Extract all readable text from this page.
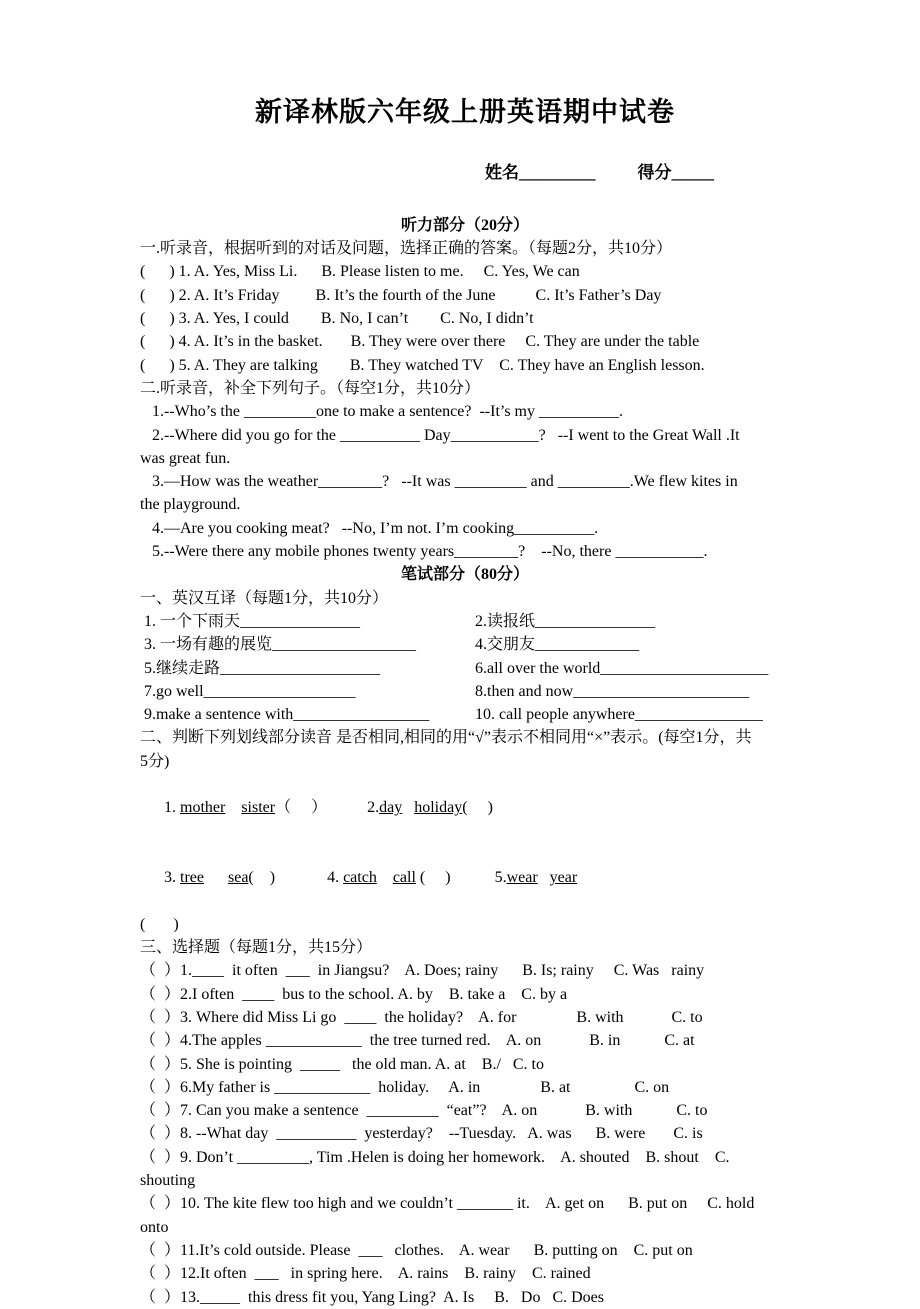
新译林版六年级上册英语期中试卷

姓名_________ 得分_____

听力部分（20分）
一.听录音，根据听到的对话及问题，选择正确的答案。（每题2分，共10分）
(      ) 1. A. Yes, Miss Li.      B. Please listen to me.     C. Yes, We can
(      ) 2. A. It’s Friday         B. It’s the fourth of the June          C. It’s Father’s Day
(      ) 3. A. Yes, I could        B. No, I can’t        C. No, I didn’t
(      ) 4. A. It’s in the basket.       B. They were over there     C. They are under the table
(      ) 5. A. They are talking        B. They watched TV    C. They have an English lesson.
二.听录音，补全下列句子。（每空1分，共10分）
1.--Who’s the _________one to make a sentence?  --It’s my __________.
2.--Where did you go for the __________ Day___________?   --I went to the Great Wall .It
was great fun.
3.—How was the weather________?   --It was _________ and _________.We flew kites in
the playground.
4.—Are you cooking meat?   --No, I’m not. I’m cooking__________.
5.--Were there any mobile phones twenty years________?    --No, there ___________.
笔试部分（80分）
一、英汉互译（每题1分，共10分）
1. 一个下雨天_______________	2.读报纸_______________
3. 一场有趣的展览__________________	4.交朋友_____________
5.继续走路____________________	6.all over the world_____________________
7.go well___________________	8.then and now______________________
9.make a sentence with_________________	10. call people anywhere________________
二、判断下列划线部分读音 是否相同,相同的用“√”表示不相同用“×”表示。(每空1分，共
5分)

1. mother sister（     ）          2.day holiday(     )

3. tree sea(    )             4. catch call (     )           5.wear year

(       )
三、选择题（每题1分，共15分）
（  ）1.____  it often  ___  in Jiangsu?    A. Does; rainy      B. Is; rainy     C. Was   rainy
（  ）2.I often  ____  bus to the school. A. by    B. take a    C. by a
（  ）3. Where did Miss Li go  ____  the holiday?    A. for               B. with            C. to
（  ）4.The apples ____________  the tree turned red.    A. on            B. in           C. at
（  ）5. She is pointing  _____   the old man. A. at    B./   C. to
（  ）6.My father is ____________  holiday.     A. in               B. at                C. on
（  ）7. Can you make a sentence  _________  “eat”?    A. on            B. with           C. to
（  ）8. --What day  __________  yesterday?    --Tuesday.   A. was      B. were       C. is
（  ）9. Don’t _________, Tim .Helen is doing her homework.    A. shouted    B. shout    C.
shouting
（  ）10. The kite flew too high and we couldn’t _______ it.    A. get on      B. put on     C. hold
onto
（  ）11.It’s cold outside. Please  ___   clothes.    A. wear      B. putting on    C. put on
（  ）12.It often  ___   in spring here.    A. rains    B. rainy    C. rained
（  ）13._____  this dress fit you, Yang Ling?  A. Is     B.   Do   C. Does
